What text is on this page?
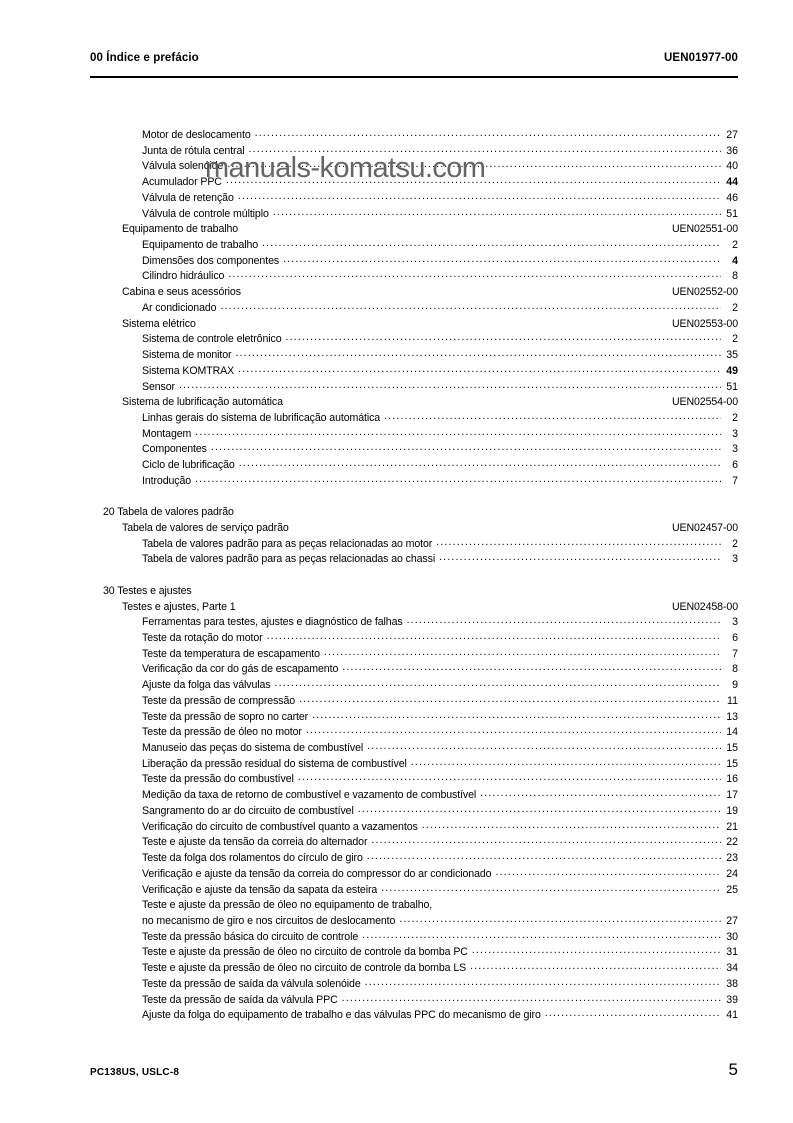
00 Índice e prefácio	UEN01977-00
Motor de deslocamento .....	27
Junta de rótula central .....	36
Válvula solenóide .....	40
Acumulador PPC .....	44
Válvula de retenção .....	46
Válvula de controle múltiplo .....	51
Equipamento de trabalho	UEN02551-00
Equipamento de trabalho .....	2
Dimensões dos componentes .....	4
Cilindro hidráulico .....	8
Cabina e seus acessórios	UEN02552-00
Ar condicionado .....	2
Sistema elétrico	UEN02553-00
Sistema de controle eletrônico .....	2
Sistema de monitor .....	35
Sistema KOMTRAX .....	49
Sensor .....	51
Sistema de lubrificação automática	UEN02554-00
Linhas gerais do sistema de lubrificação automática .....	2
Montagem .....	3
Componentes .....	3
Ciclo de lubrificação .....	6
Introdução .....	7
20 Tabela de valores padrão
Tabela de valores de serviço padrão	UEN02457-00
Tabela de valores padrão para as peças relacionadas ao motor .....	2
Tabela de valores padrão para as peças relacionadas ao chassi .....	3
30 Testes e ajustes
Testes e ajustes, Parte 1	UEN02458-00
Ferramentas para testes, ajustes e diagnóstico de falhas .....	3
Teste da rotação do motor .....	6
Teste da temperatura de escapamento .....	7
Verificação da cor do gás de escapamento .....	8
Ajuste da folga das válvulas .....	9
Teste da pressão de compressão .....	11
Teste da pressão de sopro no carter .....	13
Teste da pressão de óleo no motor .....	14
Manuseio das peças do sistema de combustível .....	15
Liberação da pressão residual do sistema de combustível .....	15
Teste da pressão do combustível .....	16
Medição da taxa de retorno de combustível e vazamento de combustível .....	17
Sangramento do ar do circuito de combustível .....	19
Verificação do circuito de combustível quanto a vazamentos .....	21
Teste e ajuste da tensão da correia do alternador .....	22
Teste da folga dos rolamentos do círculo de giro .....	23
Verificação e ajuste da tensão da correia do compressor do ar condicionado .....	24
Verificação e ajuste da tensão da sapata da esteira .....	25
Teste e ajuste da pressão de óleo no equipamento de trabalho,
no mecanismo de giro e nos circuitos de deslocamento .....	27
Teste da pressão básica do circuito de controle .....	30
Teste e ajuste da pressão de óleo no circuito de controle da bomba PC .....	31
Teste e ajuste da pressão de óleo no circuito de controle da bomba LS .....	34
Teste da pressão de saída da válvula solenóide .....	38
Teste da pressão de saída da válvula PPC .....	39
Ajuste da folga do equipamento de trabalho e das válvulas PPC do mecanismo de giro .....	41
manuals-komatsu.com
PC138US, USLC-8	5
